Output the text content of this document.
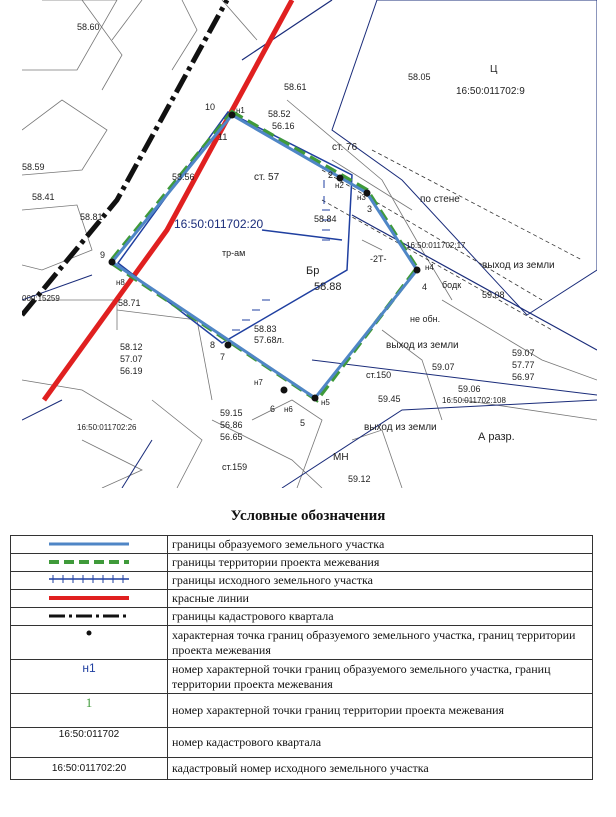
н1
н2
н3
н4
н5
н6
н7
н8
10
11
2
3
4
5
6
7
8
9
16:50:011702:20
16:50:011702:9
16:50:011702:17
16:50:011702:108
16:50:011702:26
000:15259
Бр
тр-ам
ст. 57
ст. 76
ст.150
ст.159
по стене
выход из земли
выход из земли
выход из земли
не обн.
А разр.
МН
-2Т-
Ц
бодк
58.60
58.61
58.05
58.52
56.16
58.56
58.84
58.88
58.71
58.83
57.68л.
58.12
57.07
56.19
59.08
59.07
57.77
56.97
59.06
59.45
59.15
56.86
56.65
59.12
58.59
58.41
58.81
59.07
Условные обозначения
	границы образуемого земельного участка
	границы территории проекта межевания
	границы исходного земельного участка
	красные линии
	границы кадастрового квартала
	характерная точка границ образуемого земельного участка, границ территории проекта межевания
н1	номер характерной точки границ образуемого земельного участка, границ территории проекта межевания
1	номер характерной точки границ территории проекта межевания
16:50:011702	номер кадастрового квартала
16:50:011702:20	кадастровый номер исходного земельного участка
